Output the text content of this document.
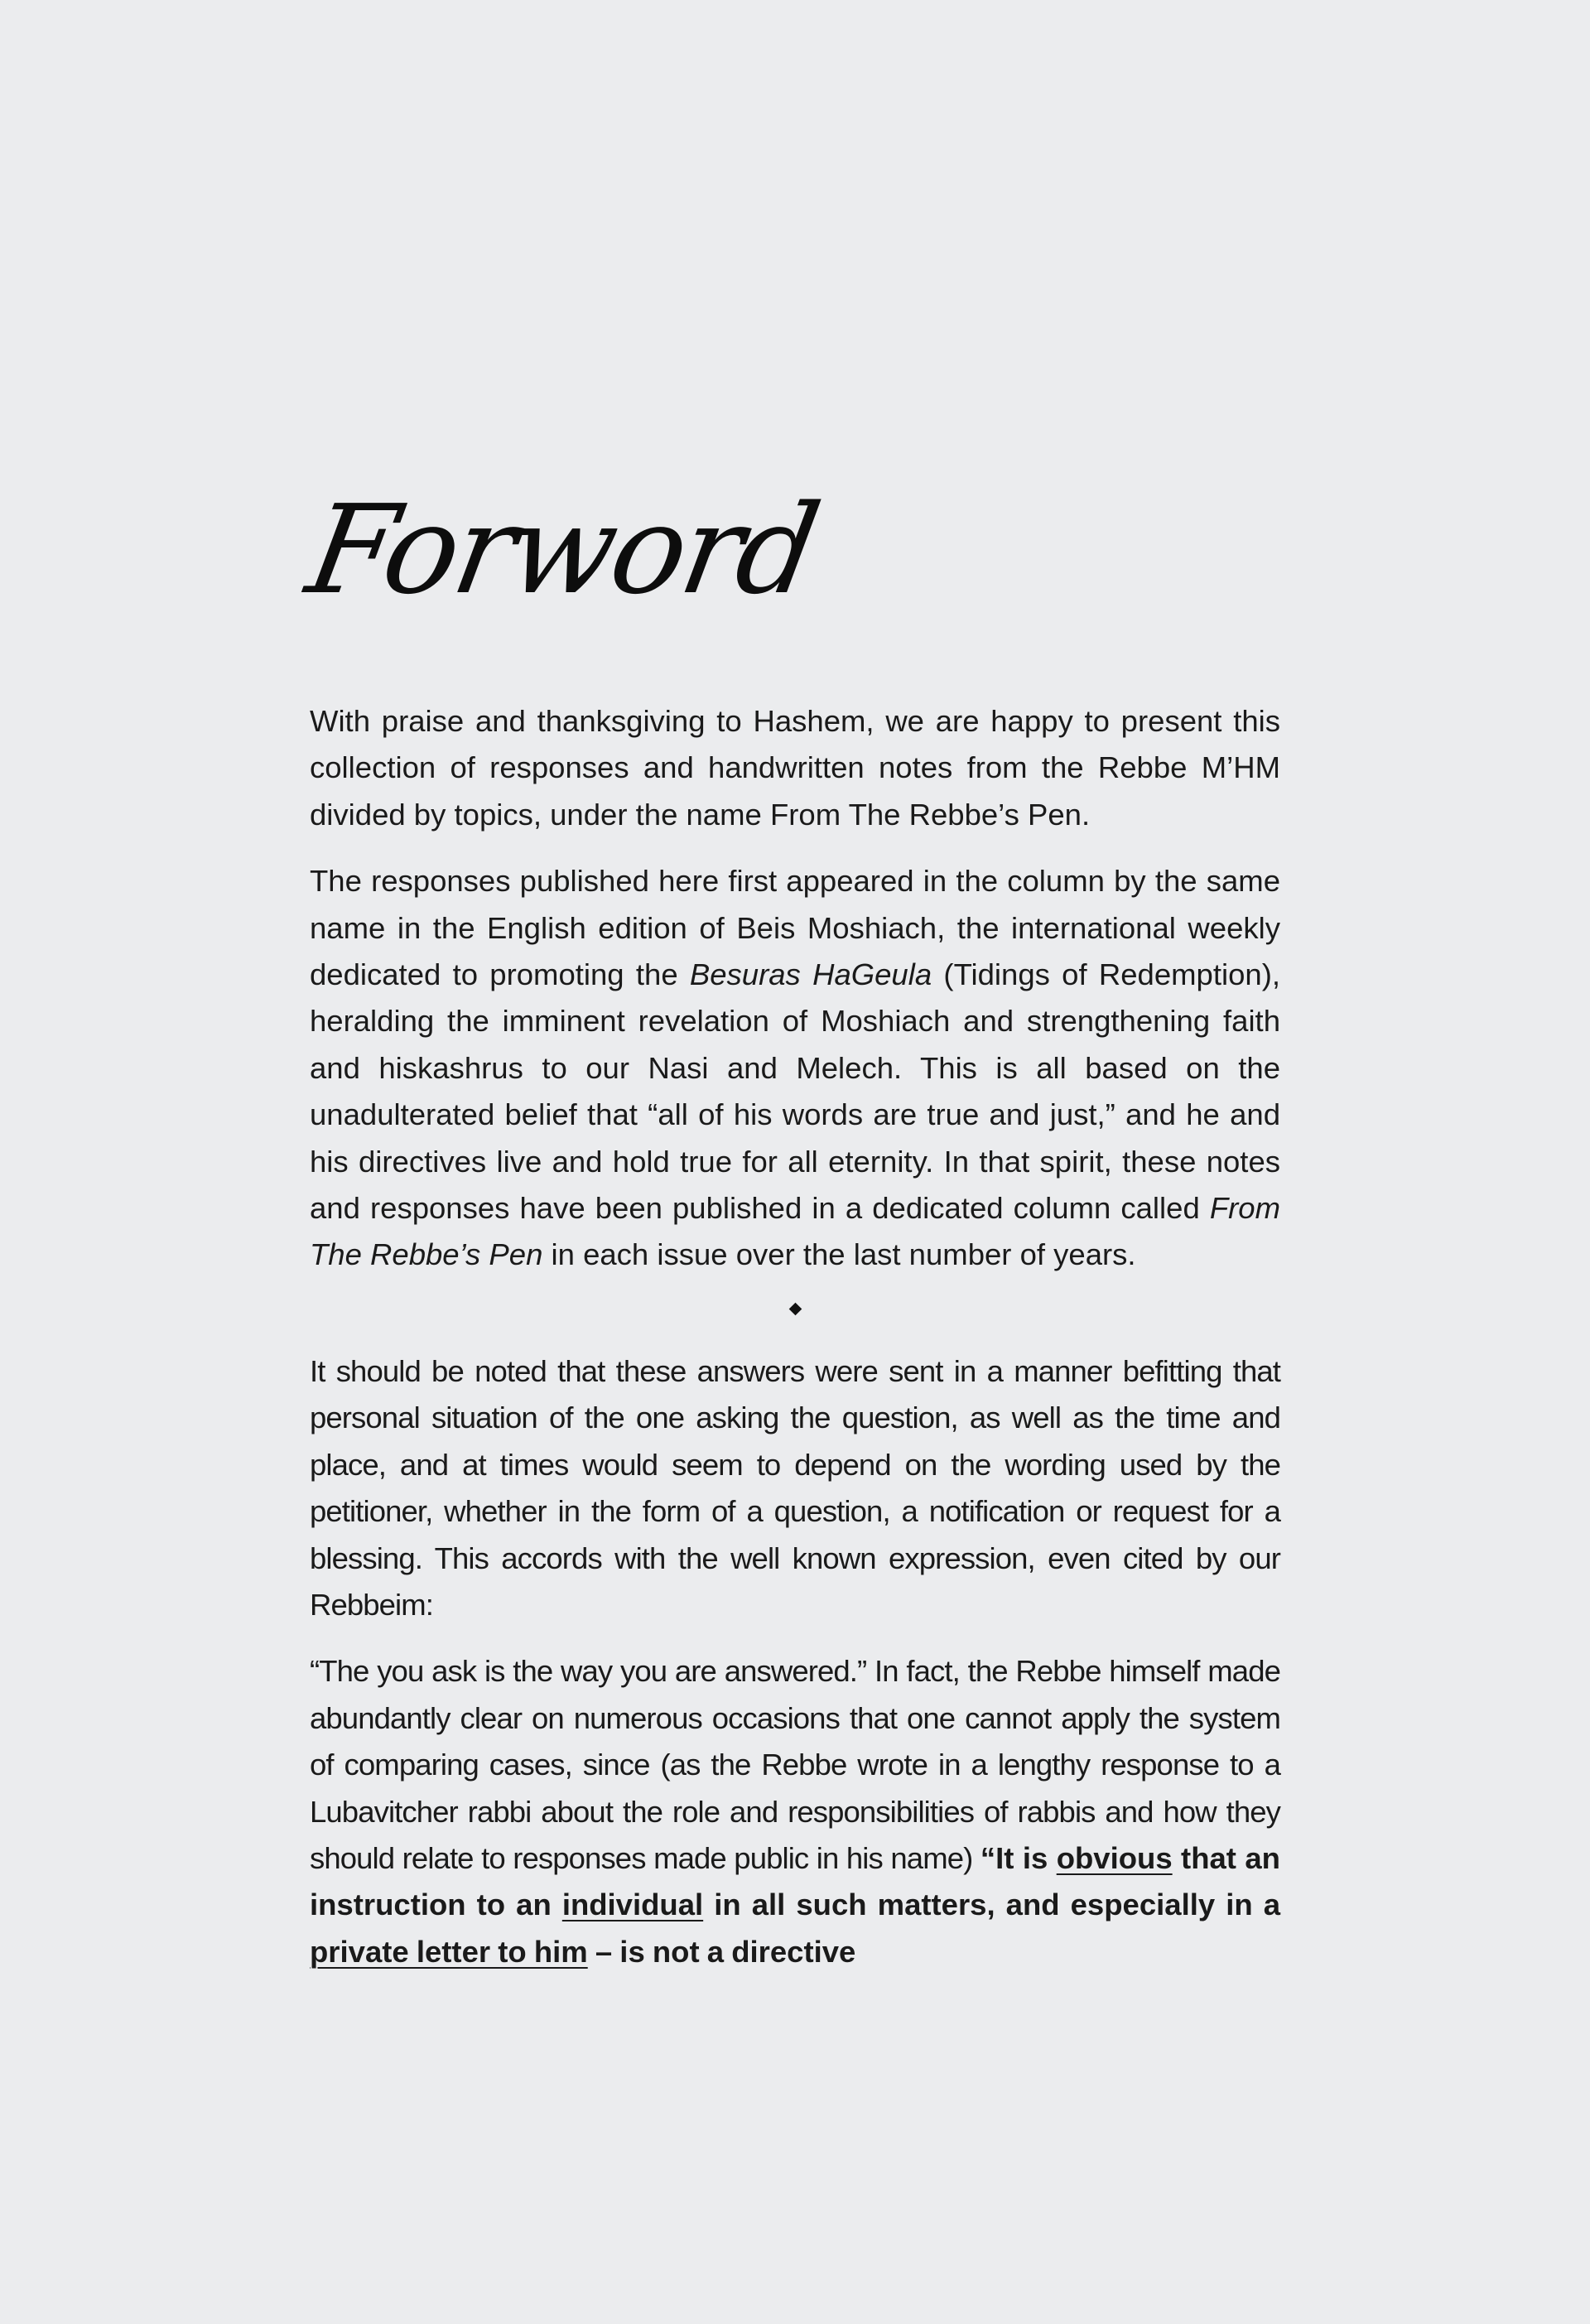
Forword

With praise and thanksgiving to Hashem, we are happy to present this collection of responses and handwritten notes from the Rebbe M’HM divided by topics, under the name From The Rebbe’s Pen.

The responses published here first appeared in the column by the same name in the English edition of Beis Moshiach, the international weekly dedicated to promoting the Besuras HaGeula (Tidings of Redemption), heralding the imminent revelation of Moshiach and strengthening faith and hiskashrus to our Nasi and Melech. This is all based on the unadulterated belief that “all of his words are true and just,” and he and his directives live and hold true for all eternity. In that spirit, these notes and responses have been published in a dedicated column called From The Rebbe’s Pen in each issue over the last number of years.

It should be noted that these answers were sent in a manner befitting that personal situation of the one asking the question, as well as the time and place, and at times would seem to depend on the wording used by the petitioner, whether in the form of a question, a notification or request for a blessing. This accords with the well known expression, even cited by our Rebbeim:

“The you ask is the way you are answered.” In fact, the Rebbe himself made abundantly clear on numerous occasions that one cannot apply the system of comparing cases, since (as the Rebbe wrote in a lengthy response to a Lubavitcher rabbi about the role and responsibilities of rabbis and how they should relate to responses made public in his name) “It is obvious that an instruction to an individual in all such matters, and especially in a private letter to him – is not a directive
